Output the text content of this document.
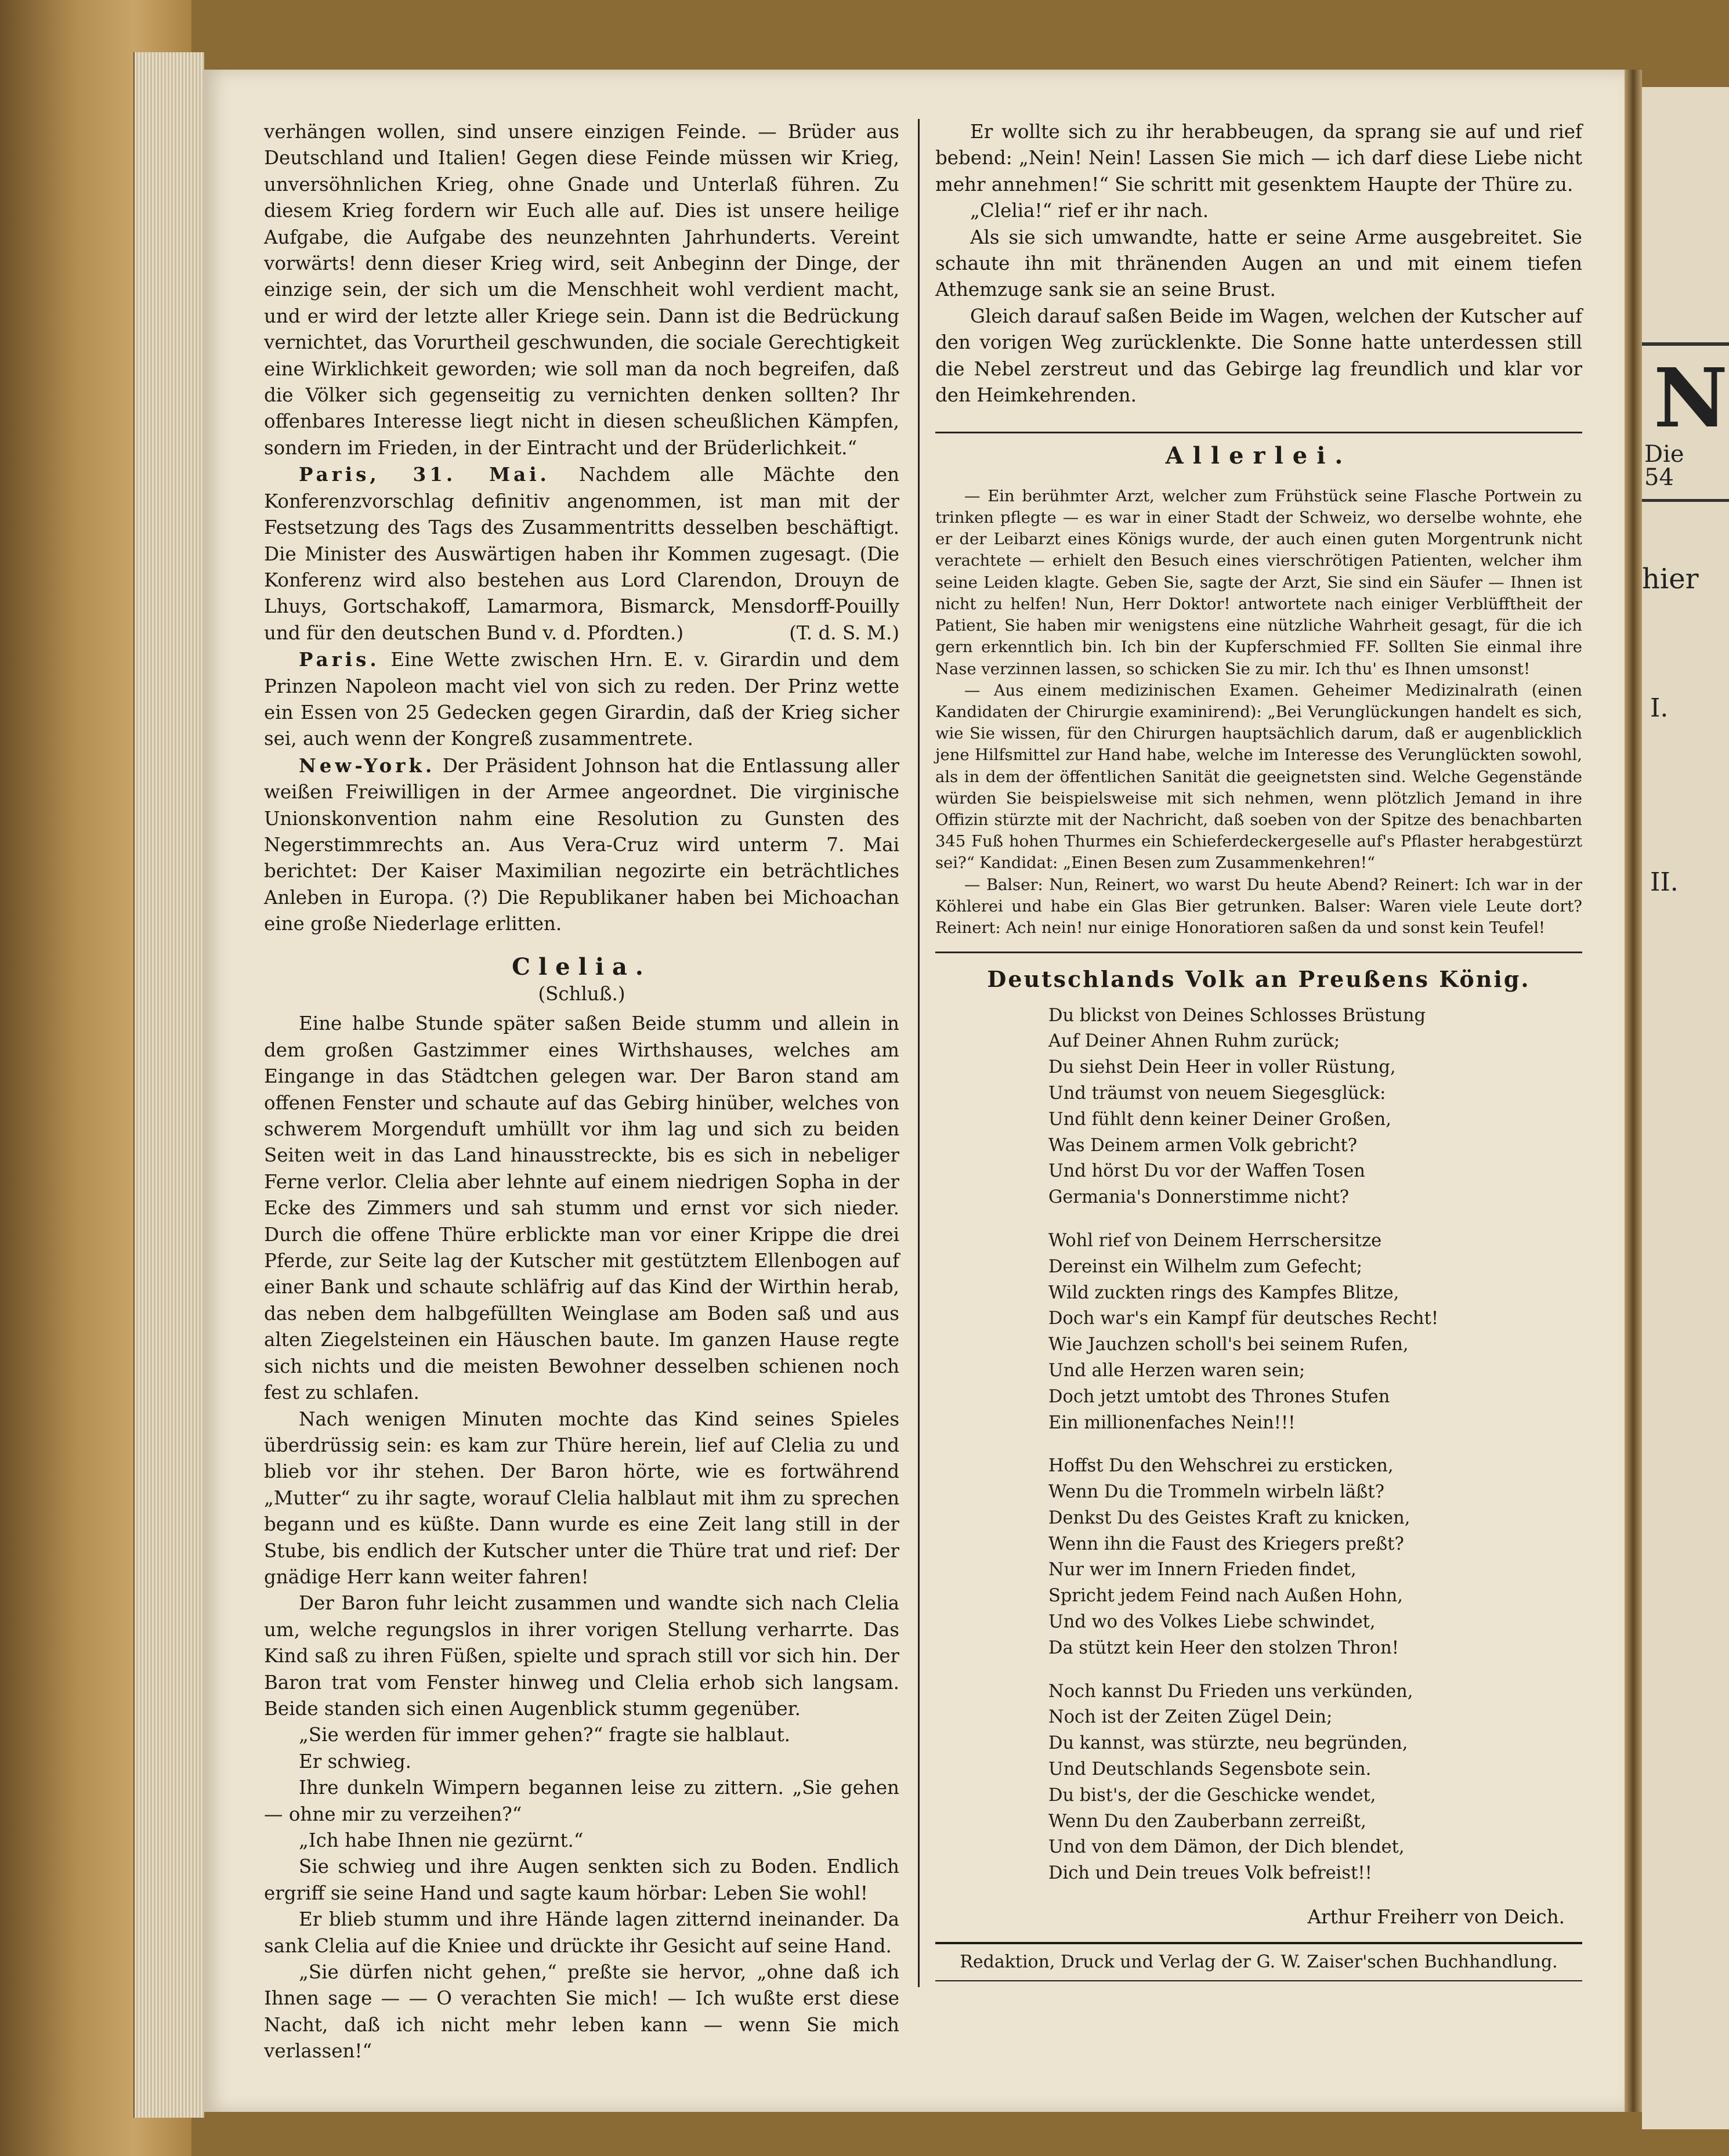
N
Die
54
hier
I.
II.

verhängen wollen, sind unsere einzigen Feinde. — Brüder aus Deutschland und Italien! Gegen diese Feinde müssen wir Krieg, unversöhnlichen Krieg, ohne Gnade und Unterlaß führen. Zu diesem Krieg fordern wir Euch alle auf. Dies ist unsere heilige Aufgabe, die Aufgabe des neunzehnten Jahrhunderts. Vereint vorwärts! denn dieser Krieg wird, seit Anbeginn der Dinge, der einzige sein, der sich um die Menschheit wohl verdient macht, und er wird der letzte aller Kriege sein. Dann ist die Bedrückung vernichtet, das Vorurtheil geschwunden, die sociale Gerechtigkeit eine Wirklichkeit geworden; wie soll man da noch begreifen, daß die Völker sich gegenseitig zu vernichten denken sollten? Ihr offenbares Interesse liegt nicht in diesen scheußlichen Kämpfen, sondern im Frieden, in der Eintracht und der Brüderlichkeit.“

Paris, 31. Mai. Nachdem alle Mächte den Konferenzvorschlag definitiv angenommen, ist man mit der Festsetzung des Tags des Zusammentritts desselben beschäftigt. Die Minister des Auswärtigen haben ihr Kommen zugesagt. (Die Konferenz wird also bestehen aus Lord Clarendon, Drouyn de Lhuys, Gortschakoff, Lamarmora, Bismarck, Mensdorff-Pouilly und für den deutschen Bund v. d. Pfordten.)	(T. d. S. M.)

Paris. Eine Wette zwischen Hrn. E. v. Girardin und dem Prinzen Napoleon macht viel von sich zu reden. Der Prinz wette ein Essen von 25 Gedecken gegen Girardin, daß der Krieg sicher sei, auch wenn der Kongreß zusammentrete.

New-York. Der Präsident Johnson hat die Entlassung aller weißen Freiwilligen in der Armee angeordnet. Die virginische Unionskonvention nahm eine Resolution zu Gunsten des Negerstimmrechts an. Aus Vera-Cruz wird unterm 7. Mai berichtet: Der Kaiser Maximilian negozirte ein beträchtliches Anleben in Europa. (?) Die Republikaner haben bei Michoachan eine große Niederlage erlitten.

Clelia.
(Schluß.)

Eine halbe Stunde später saßen Beide stumm und allein in dem großen Gastzimmer eines Wirthshauses, welches am Eingange in das Städtchen gelegen war. Der Baron stand am offenen Fenster und schaute auf das Gebirg hinüber, welches von schwerem Morgenduft umhüllt vor ihm lag und sich zu beiden Seiten weit in das Land hinausstreckte, bis es sich in nebeliger Ferne verlor. Clelia aber lehnte auf einem niedrigen Sopha in der Ecke des Zimmers und sah stumm und ernst vor sich nieder. Durch die offene Thüre erblickte man vor einer Krippe die drei Pferde, zur Seite lag der Kutscher mit gestütztem Ellenbogen auf einer Bank und schaute schläfrig auf das Kind der Wirthin herab, das neben dem halbgefüllten Weinglase am Boden saß und aus alten Ziegelsteinen ein Häuschen baute. Im ganzen Hause regte sich nichts und die meisten Bewohner desselben schienen noch fest zu schlafen.

Nach wenigen Minuten mochte das Kind seines Spieles überdrüssig sein: es kam zur Thüre herein, lief auf Clelia zu und blieb vor ihr stehen. Der Baron hörte, wie es fortwährend „Mutter“ zu ihr sagte, worauf Clelia halblaut mit ihm zu sprechen begann und es küßte. Dann wurde es eine Zeit lang still in der Stube, bis endlich der Kutscher unter die Thüre trat und rief: Der gnädige Herr kann weiter fahren!

Der Baron fuhr leicht zusammen und wandte sich nach Clelia um, welche regungslos in ihrer vorigen Stellung verharrte. Das Kind saß zu ihren Füßen, spielte und sprach still vor sich hin. Der Baron trat vom Fenster hinweg und Clelia erhob sich langsam. Beide standen sich einen Augenblick stumm gegenüber.

„Sie werden für immer gehen?“ fragte sie halblaut.

Er schwieg.

Ihre dunkeln Wimpern begannen leise zu zittern. „Sie gehen — ohne mir zu verzeihen?“

„Ich habe Ihnen nie gezürnt.“

Sie schwieg und ihre Augen senkten sich zu Boden. Endlich ergriff sie seine Hand und sagte kaum hörbar: Leben Sie wohl!

Er blieb stumm und ihre Hände lagen zitternd ineinander. Da sank Clelia auf die Kniee und drückte ihr Gesicht auf seine Hand.

„Sie dürfen nicht gehen,“ preßte sie hervor, „ohne daß ich Ihnen sage — — O verachten Sie mich! — Ich wußte erst diese Nacht, daß ich nicht mehr leben kann — wenn Sie mich verlassen!“

Er wollte sich zu ihr herabbeugen, da sprang sie auf und rief bebend: „Nein! Nein! Lassen Sie mich — ich darf diese Liebe nicht mehr annehmen!“ Sie schritt mit gesenktem Haupte der Thüre zu.

„Clelia!“ rief er ihr nach.

Als sie sich umwandte, hatte er seine Arme ausgebreitet. Sie schaute ihn mit thränenden Augen an und mit einem tiefen Athemzuge sank sie an seine Brust.

Gleich darauf saßen Beide im Wagen, welchen der Kutscher auf den vorigen Weg zurücklenkte. Die Sonne hatte unterdessen still die Nebel zerstreut und das Gebirge lag freundlich und klar vor den Heimkehrenden.

Allerlei.

— Ein berühmter Arzt, welcher zum Frühstück seine Flasche Portwein zu trinken pflegte — es war in einer Stadt der Schweiz, wo derselbe wohnte, ehe er der Leibarzt eines Königs wurde, der auch einen guten Morgentrunk nicht verachtete — erhielt den Besuch eines vierschrötigen Patienten, welcher ihm seine Leiden klagte. Geben Sie, sagte der Arzt, Sie sind ein Säufer — Ihnen ist nicht zu helfen! Nun, Herr Doktor! antwortete nach einiger Verblüfftheit der Patient, Sie haben mir wenigstens eine nützliche Wahrheit gesagt, für die ich gern erkenntlich bin. Ich bin der Kupferschmied FF. Sollten Sie einmal ihre Nase verzinnen lassen, so schicken Sie zu mir. Ich thu' es Ihnen umsonst!

— Aus einem medizinischen Examen. Geheimer Medizinalrath (einen Kandidaten der Chirurgie examinirend): „Bei Verunglückungen handelt es sich, wie Sie wissen, für den Chirurgen hauptsächlich darum, daß er augenblicklich jene Hilfsmittel zur Hand habe, welche im Interesse des Verunglückten sowohl, als in dem der öffentlichen Sanität die geeignetsten sind. Welche Gegenstände würden Sie beispielsweise mit sich nehmen, wenn plötzlich Jemand in ihre Offizin stürzte mit der Nachricht, daß soeben von der Spitze des benachbarten 345 Fuß hohen Thurmes ein Schieferdeckergeselle auf's Pflaster herabgestürzt sei?“ Kandidat: „Einen Besen zum Zusammenkehren!“

— Balser: Nun, Reinert, wo warst Du heute Abend? Reinert: Ich war in der Köhlerei und habe ein Glas Bier getrunken. Balser: Waren viele Leute dort? Reinert: Ach nein! nur einige Honoratioren saßen da und sonst kein Teufel!

Deutschlands Volk an Preußens König.
Du blickst von Deines Schlosses Brüstung
Auf Deiner Ahnen Ruhm zurück;
Du siehst Dein Heer in voller Rüstung,
Und träumst von neuem Siegesglück:
Und fühlt denn keiner Deiner Großen,
Was Deinem armen Volk gebricht?
Und hörst Du vor der Waffen Tosen
Germania's Donnerstimme nicht?
Wohl rief von Deinem Herrschersitze
Dereinst ein Wilhelm zum Gefecht;
Wild zuckten rings des Kampfes Blitze,
Doch war's ein Kampf für deutsches Recht!
Wie Jauchzen scholl's bei seinem Rufen,
Und alle Herzen waren sein;
Doch jetzt umtobt des Thrones Stufen
Ein millionenfaches Nein!!!
Hoffst Du den Wehschrei zu ersticken,
Wenn Du die Trommeln wirbeln läßt?
Denkst Du des Geistes Kraft zu knicken,
Wenn ihn die Faust des Kriegers preßt?
Nur wer im Innern Frieden findet,
Spricht jedem Feind nach Außen Hohn,
Und wo des Volkes Liebe schwindet,
Da stützt kein Heer den stolzen Thron!
Noch kannst Du Frieden uns verkünden,
Noch ist der Zeiten Zügel Dein;
Du kannst, was stürzte, neu begründen,
Und Deutschlands Segensbote sein.
Du bist's, der die Geschicke wendet,
Wenn Du den Zauberbann zerreißt,
Und von dem Dämon, der Dich blendet,
Dich und Dein treues Volk befreist!!
Arthur Freiherr von Deich.
Redaktion, Druck und Verlag der G. W. Zaiser'schen Buchhandlung.
